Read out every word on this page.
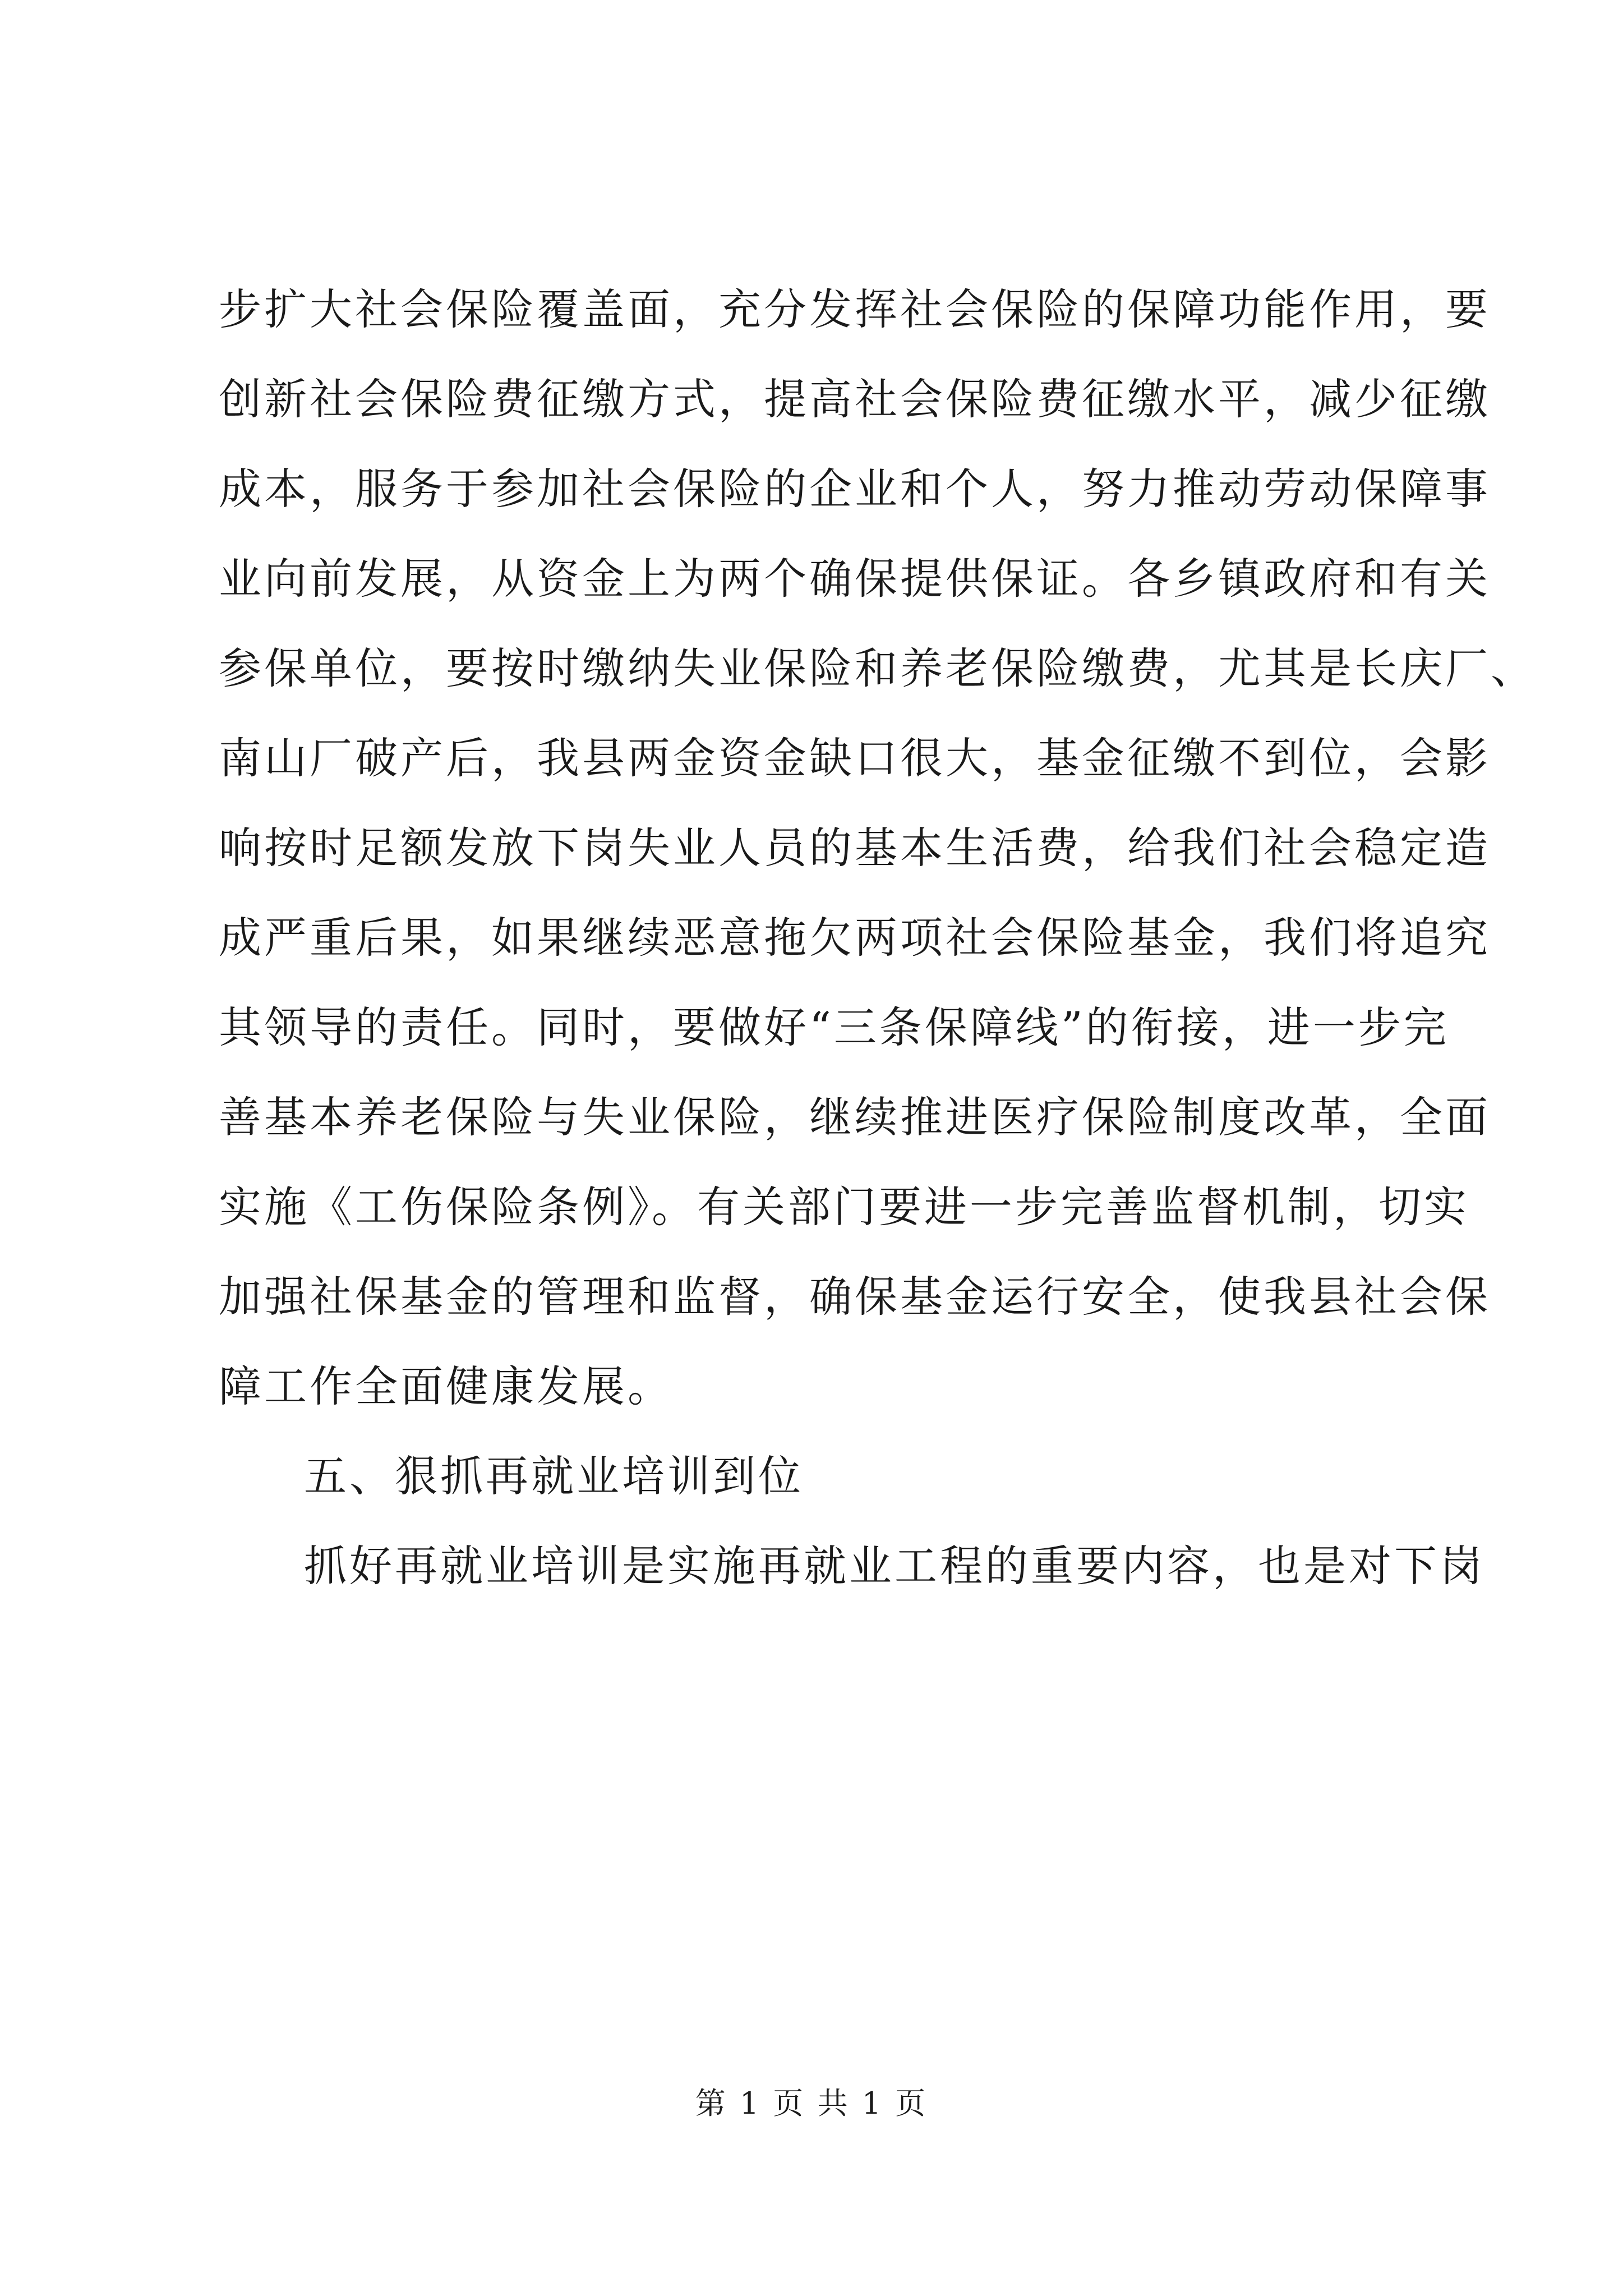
步扩大社会保险覆盖面，充分发挥社会保险的保障功能作用，要
创新社会保险费征缴方式，提高社会保险费征缴水平，减少征缴
成本，服务于参加社会保险的企业和个人，努力推动劳动保障事
业向前发展，从资金上为两个确保提供保证。各乡镇政府和有关
参保单位，要按时缴纳失业保险和养老保险缴费，尤其是长庆厂、
南山厂破产后，我县两金资金缺口很大，基金征缴不到位，会影
响按时足额发放下岗失业人员的基本生活费，给我们社会稳定造
成严重后果，如果继续恶意拖欠两项社会保险基金，我们将追究
其领导的责任。同时，要做好“三条保障线”的衔接，进一步完
善基本养老保险与失业保险，继续推进医疗保险制度改革，全面
实施《工伤保险条例》。有关部门要进一步完善监督机制，切实
加强社保基金的管理和监督，确保基金运行安全，使我县社会保
障工作全面健康发展。
五、狠抓再就业培训到位
抓好再就业培训是实施再就业工程的重要内容，也是对下岗
第 1 页 共 1 页
